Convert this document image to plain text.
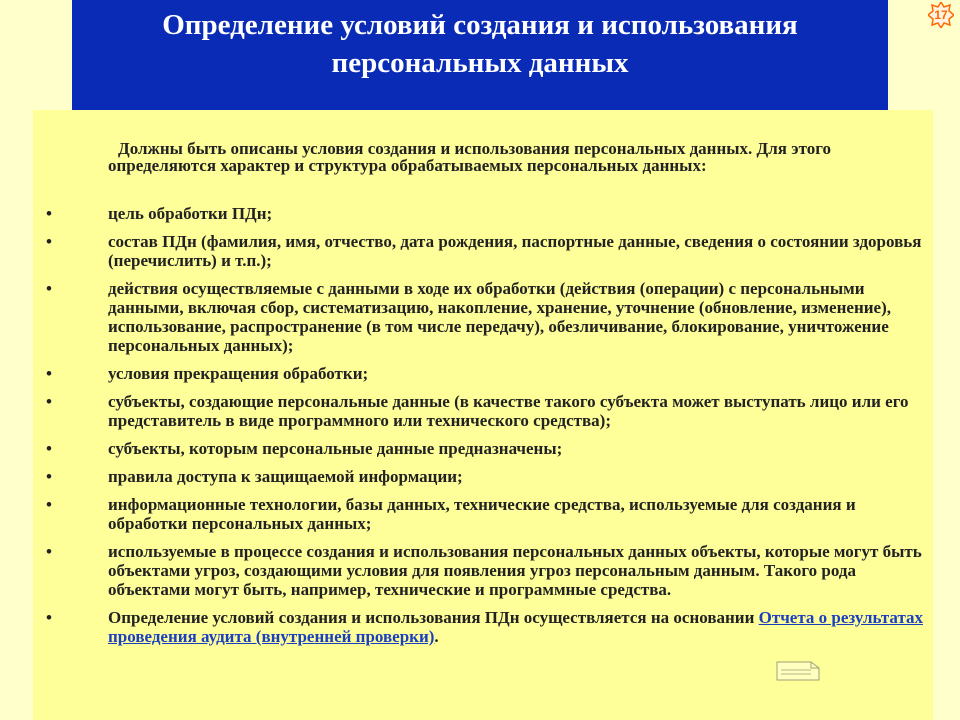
Определение условий создания и использования
персональных данных
17
Должны быть описаны условия создания и использования персональных данных. Для этого определяются характер и структура обрабатываемых персональных данных:
•	цель обработки ПДн;
•	состав ПДн (фамилия, имя, отчество, дата рождения, паспортные данные, сведения о состоянии здоровья (перечислить) и т.п.);
•	действия осуществляемые с данными в ходе их обработки (действия (операции) с персональными данными, включая сбор, систематизацию, накопление, хранение, уточнение (обновление, изменение), использование, распространение (в том числе передачу), обезличивание, блокирование, уничтожение персональных данных);
•	условия прекращения обработки;
•	субъекты, создающие персональные данные (в качестве такого субъекта может выступать лицо или его представитель в виде программного или технического средства);
•	субъекты, которым персональные данные предназначены;
•	правила доступа к защищаемой информации;
•	информационные технологии, базы данных, технические средства, используемые для создания и обработки персональных данных;
•	используемые в процессе создания и использования персональных данных объекты, которые могут быть объектами угроз, создающими условия для появления угроз персональным данным. Такого рода объектами могут быть, например, технические и программные средства.
•	Определение условий создания и использования ПДн осуществляется на основании Отчета о результатах проведения аудита (внутренней проверки).
